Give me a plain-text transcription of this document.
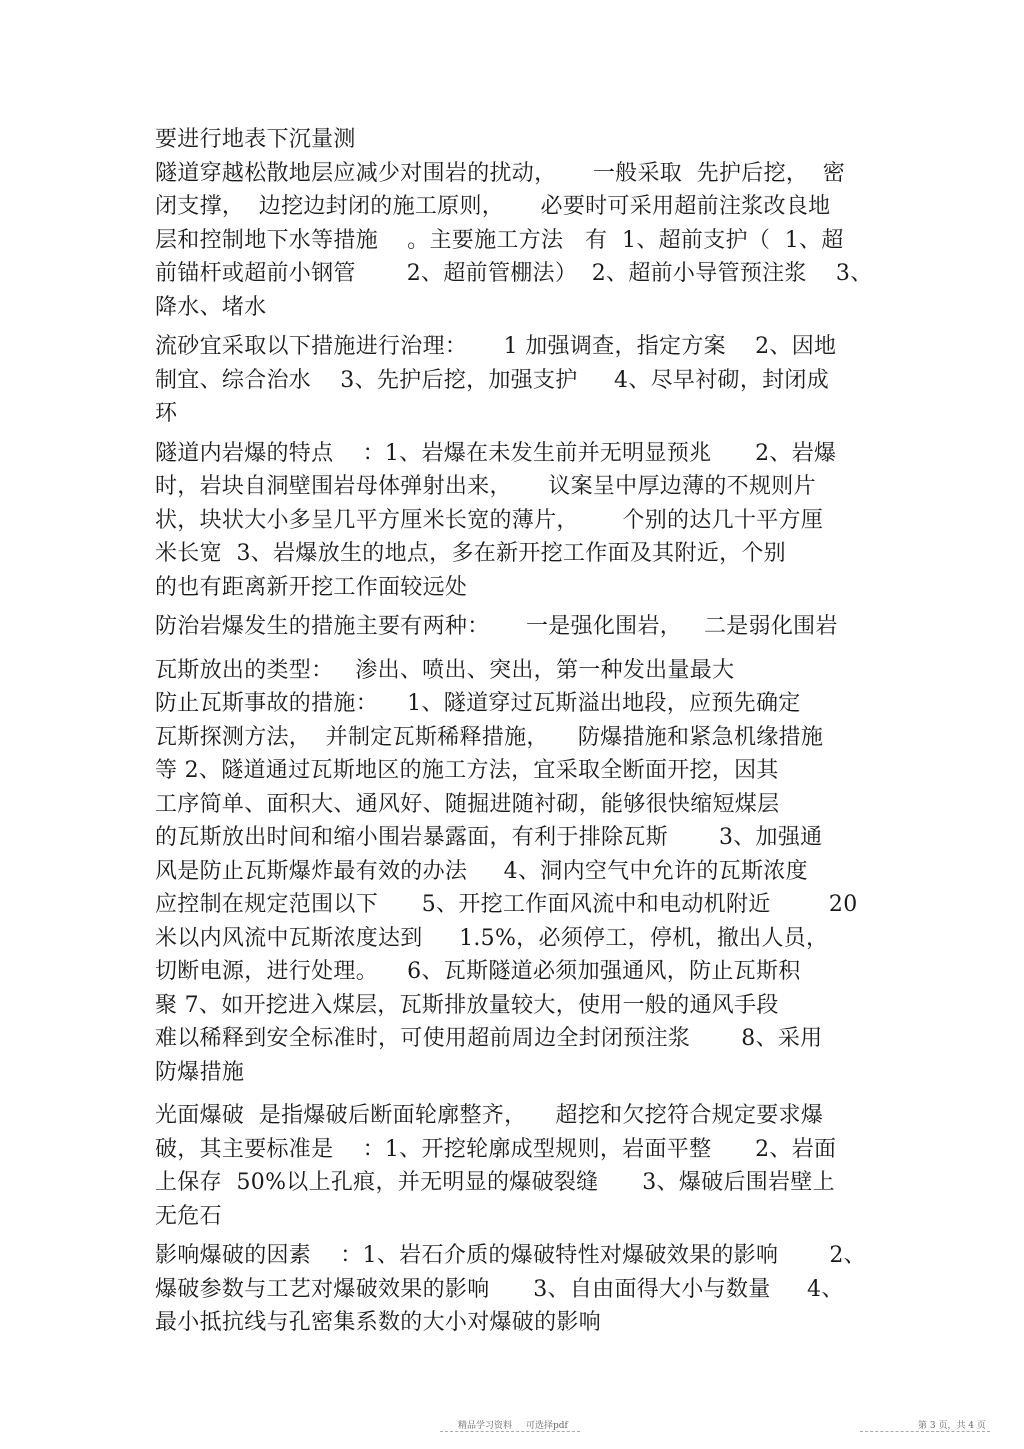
要进行地表下沉量测
隧道穿越松散地层应减少对围岩的扰动，     一般采取  先护后挖，  密
闭支撑，  边挖边封闭的施工原则，     必要时可采用超前注浆改良地
层和控制地下水等措施    。主要施工方法   有  1、超前支护（  1、超
前锚杆或超前小钢管       2、超前管棚法）  2、超前小导管预注浆    3、
降水、堵水
流砂宜采取以下措施进行治理：     1 加强调查，指定方案    2、因地
制宜、综合治水    3、先护后挖，加强支护     4、尽早衬砌，封闭成
环
隧道内岩爆的特点    ：1、岩爆在未发生前并无明显预兆      2、岩爆
时，岩块自洞壁围岩母体弹射出来，     议案呈中厚边薄的不规则片
状，块状大小多呈几平方厘米长宽的薄片，      个别的达几十平方厘
米长宽  3、岩爆放生的地点，多在新开挖工作面及其附近，个别
的也有距离新开挖工作面较远处
防治岩爆发生的措施主要有两种：     一是强化围岩，   二是弱化围岩
瓦斯放出的类型：   渗出、喷出、突出，第一种发出量最大
防止瓦斯事故的措施：    1、隧道穿过瓦斯溢出地段，应预先确定
瓦斯探测方法，  并制定瓦斯稀释措施，    防爆措施和紧急机缘措施
等 2、隧道通过瓦斯地区的施工方法，宜采取全断面开挖，因其
工序简单、面积大、通风好、随掘进随衬砌，能够很快缩短煤层
的瓦斯放出时间和缩小围岩暴露面，有利于排除瓦斯       3、加强通
风是防止瓦斯爆炸最有效的办法     4、洞内空气中允许的瓦斯浓度
应控制在规定范围以下      5、开挖工作面风流中和电动机附近        20
米以内风流中瓦斯浓度达到     1.5%，必须停工，停机，撤出人员，
切断电源，进行处理。    6、瓦斯隧道必须加强通风，防止瓦斯积
聚 7、如开挖进入煤层，瓦斯排放量较大，使用一般的通风手段
难以稀释到安全标准时，可使用超前周边全封闭预注浆       8、采用
防爆措施
光面爆破  是指爆破后断面轮廓整齐，    超挖和欠挖符合规定要求爆
破，其主要标准是    ：1、开挖轮廓成型规则，岩面平整      2、岩面
上保存  50%以上孔痕，并无明显的爆破裂缝      3、爆破后围岩壁上
无危石
影响爆破的因素    ：1、岩石介质的爆破特性对爆破效果的影响       2、
爆破参数与工艺对爆破效果的影响      3、自由面得大小与数量     4、
最小抵抗线与孔密集系数的大小对爆破的影响
精品学习资料 可选择pdf	第 3 页，共 4 页
